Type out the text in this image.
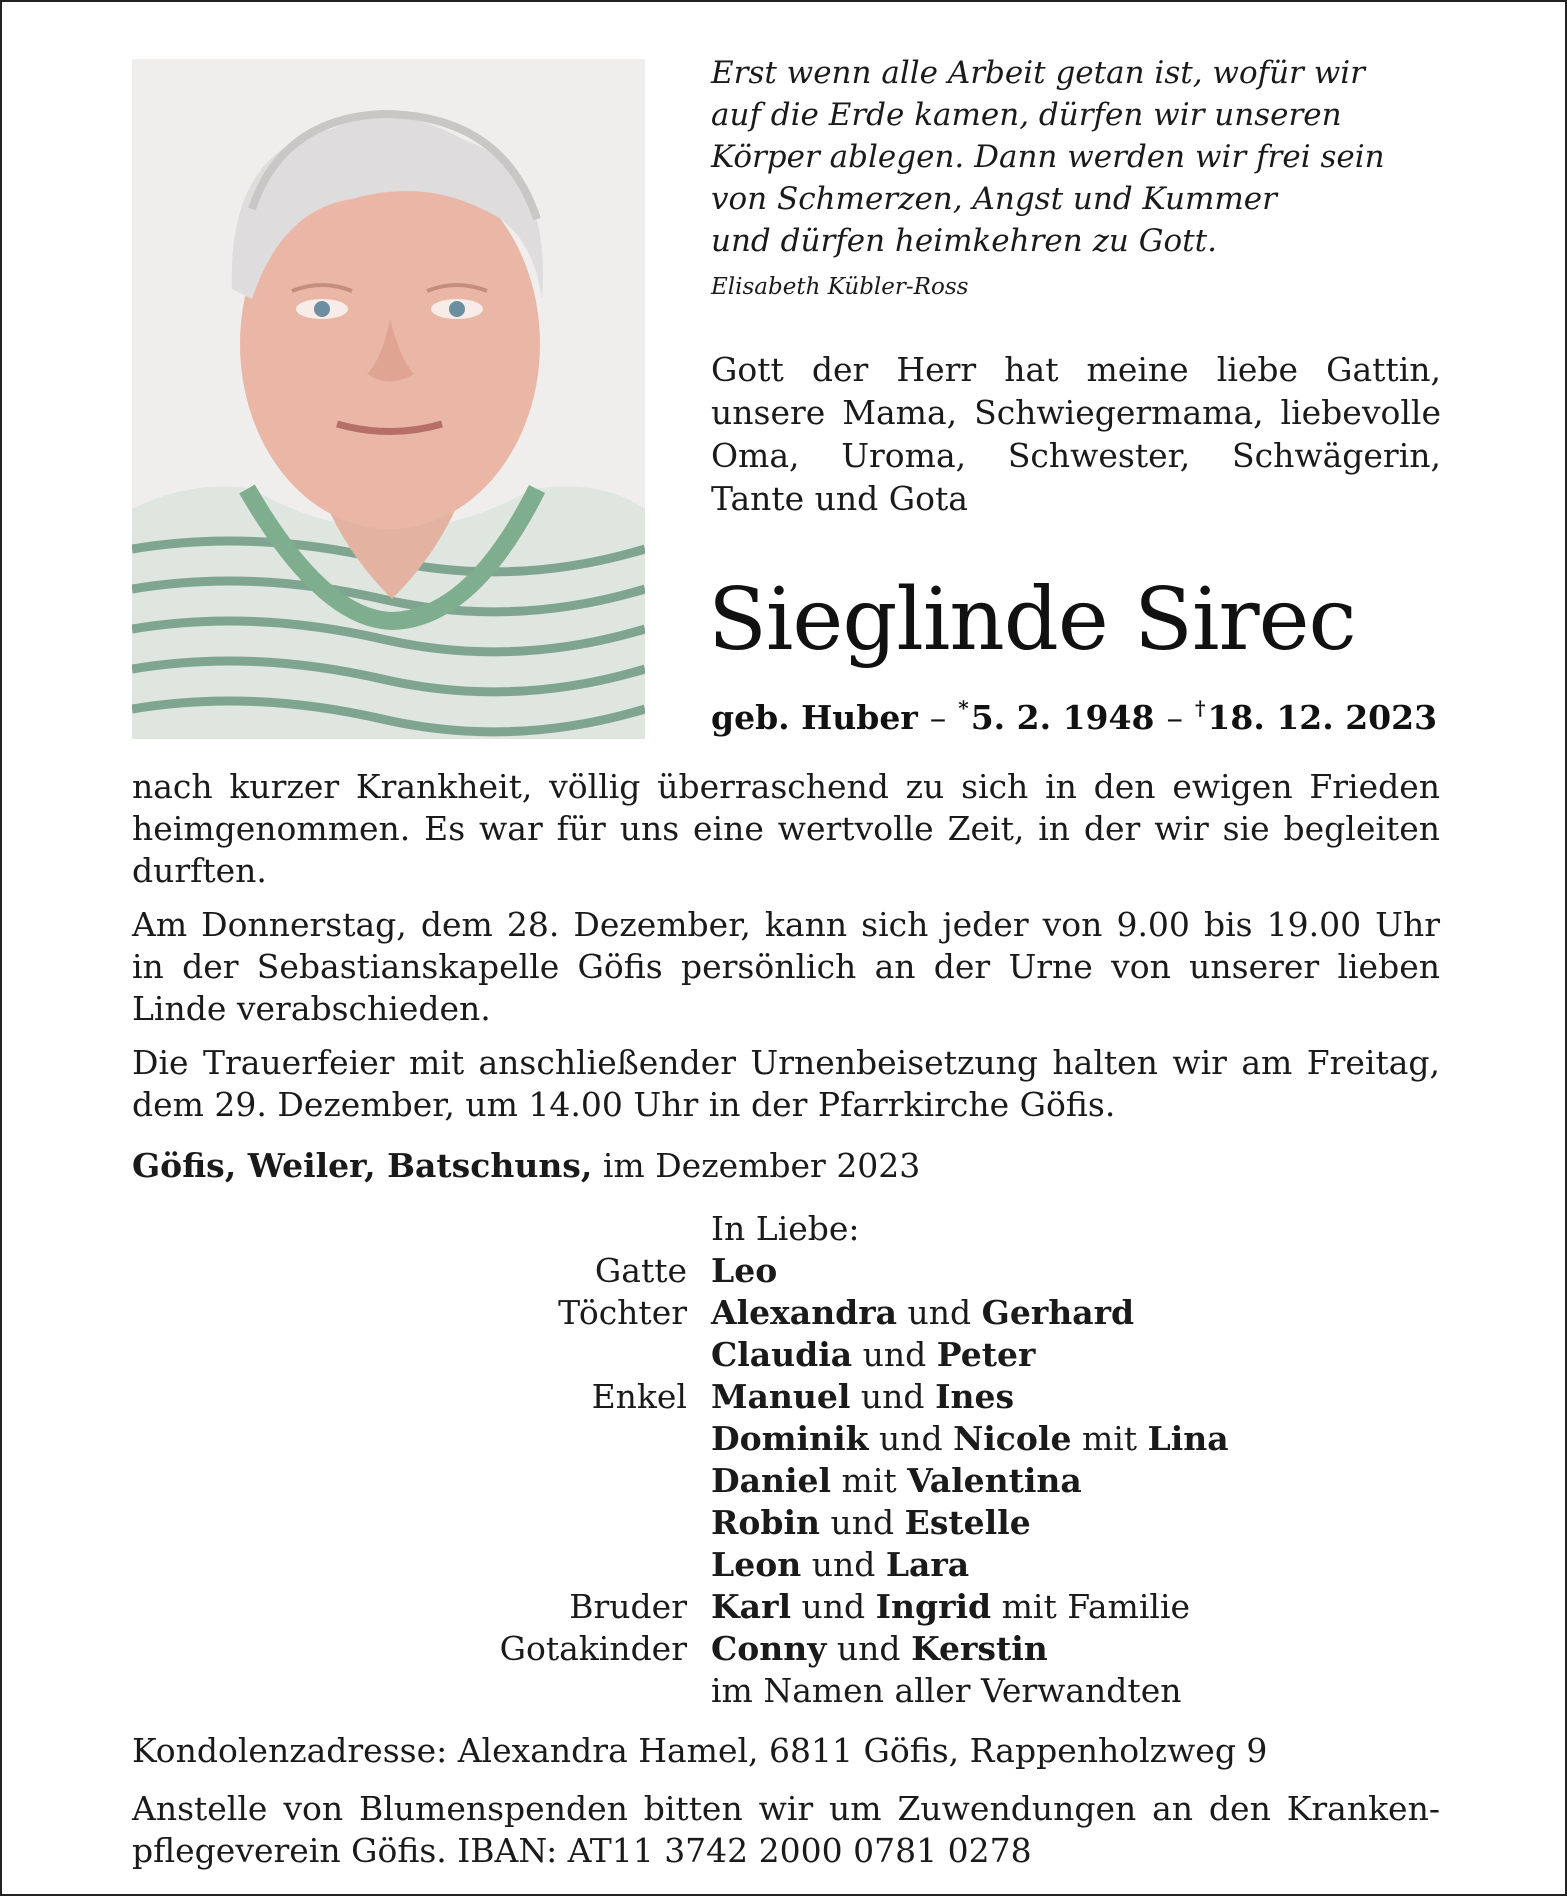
Erst wenn alle Arbeit getan ist, wofür wir
auf die Erde kamen, dürfen wir unseren
Körper ablegen. Dann werden wir frei sein
von Schmerzen, Angst und Kummer
und dürfen heimkehren zu Gott.
Elisabeth Kübler-Ross
Gott der Herr hat meine liebe Gattin,
unsere Mama, Schwiegermama, liebevolle
Oma, Uroma, Schwester, Schwägerin,
Tante und Gota
Sieglinde Sirec
geb. Huber – *5. 2. 1948 – †18. 12. 2023
nach kurzer Krankheit, völlig überraschend zu sich in den ewigen Frieden
heimgenommen. Es war für uns eine wertvolle Zeit, in der wir sie begleiten
durften.
Am Donnerstag, dem 28. Dezember, kann sich jeder von 9.00 bis 19.00 Uhr
in der Sebastianskapelle Göfis persönlich an der Urne von unserer lieben
Linde verabschieden.
Die Trauerfeier mit anschließender Urnenbeisetzung halten wir am Freitag,
dem 29. Dezember, um 14.00 Uhr in der Pfarrkirche Göfis.
Göfis, Weiler, Batschuns, im Dezember 2023
In Liebe:
Gatte Leo
Töchter Alexandra und Gerhard
Claudia und Peter
Enkel Manuel und Ines
Dominik und Nicole mit Lina
Daniel mit Valentina
Robin und Estelle
Leon und Lara
Bruder Karl und Ingrid mit Familie
Gotakinder Conny und Kerstin
im Namen aller Verwandten
Kondolenzadresse: Alexandra Hamel, 6811 Göfis, Rappenholzweg 9
Anstelle von Blumenspenden bitten wir um Zuwendungen an den Kranken-
pflegeverein Göfis. IBAN: AT11 3742 2000 0781 0278
